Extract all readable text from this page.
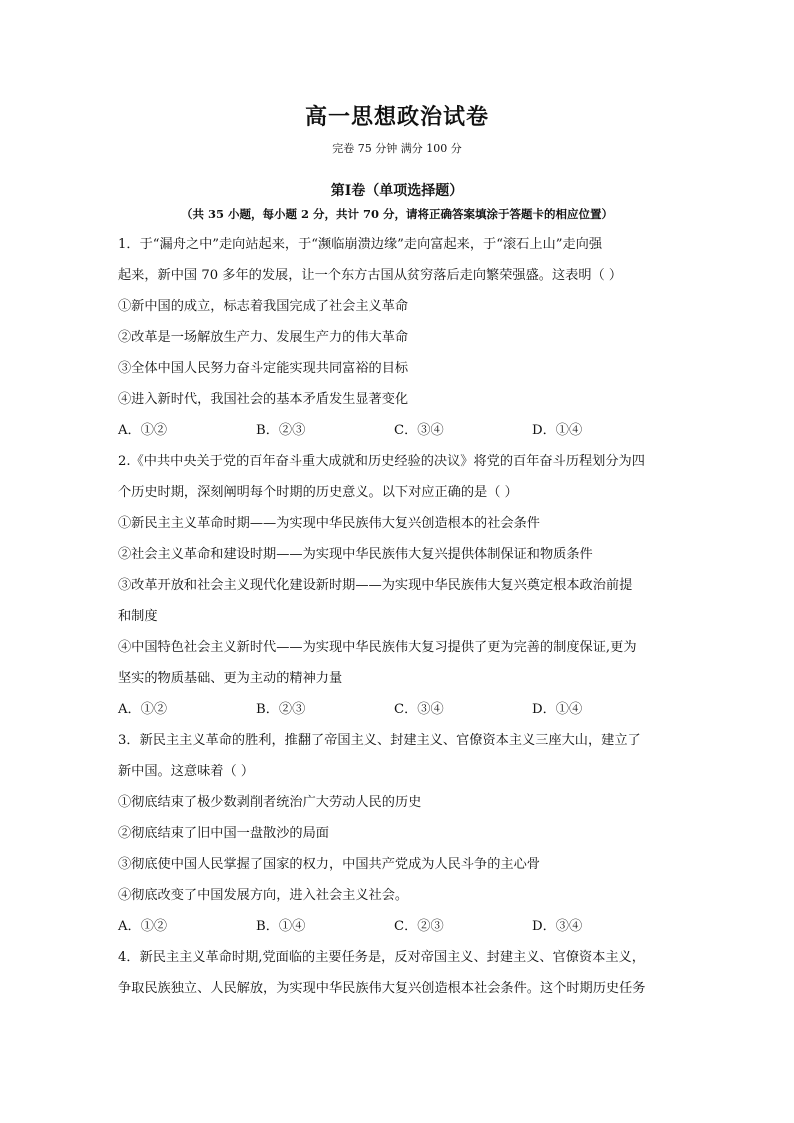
高一思想政治试卷
完卷 75 分钟 满分 100 分
第Ⅰ卷（单项选择题）
（共 35 小题，每小题 2 分，共计 70 分，请将正确答案填涂于答题卡的相应位置）
1．于“漏舟之中”走向站起来，于“濒临崩溃边缘”走向富起来，于“滚石上山”走向强
起来，新中国 70 多年的发展，让一个东方古国从贫穷落后走向繁荣强盛。这表明（ ）
①新中国的成立，标志着我国完成了社会主义革命
②改革是一场解放生产力、发展生产力的伟大革命
③全体中国人民努力奋斗定能实现共同富裕的目标
④进入新时代，我国社会的基本矛盾发生显著变化
A．①②	B．②③	C．③④	D．①④
2.《中共中央关于党的百年奋斗重大成就和历史经验的决议》将党的百年奋斗历程划分为四
个历史时期，深刻阐明每个时期的历史意义。以下对应正确的是（ ）
①新民主主义革命时期——为实现中华民族伟大复兴创造根本的社会条件
②社会主义革命和建设时期——为实现中华民族伟大复兴提供体制保证和物质条件
③改革开放和社会主义现代化建设新时期——为实现中华民族伟大复兴奠定根本政治前提
和制度
④中国特色社会主义新时代——为实现中华民族伟大复习提供了更为完善的制度保证,更为
坚实的物质基础、更为主动的精神力量
A．①②	B．②③	C．③④	D．①④
3．新民主主义革命的胜利，推翻了帝国主义、封建主义、官僚资本主义三座大山，建立了
新中国。这意味着（ ）
①彻底结束了极少数剥削者统治广大劳动人民的历史
②彻底结束了旧中国一盘散沙的局面
③彻底使中国人民掌握了国家的权力，中国共产党成为人民斗争的主心骨
④彻底改变了中国发展方向，进入社会主义社会。
A．①②	B．①④	C．②③	D．③④
4．新民主主义革命时期,党面临的主要任务是，反对帝国主义、封建主义、官僚资本主义，
争取民族独立、人民解放，为实现中华民族伟大复兴创造根本社会条件。这个时期历史任务
